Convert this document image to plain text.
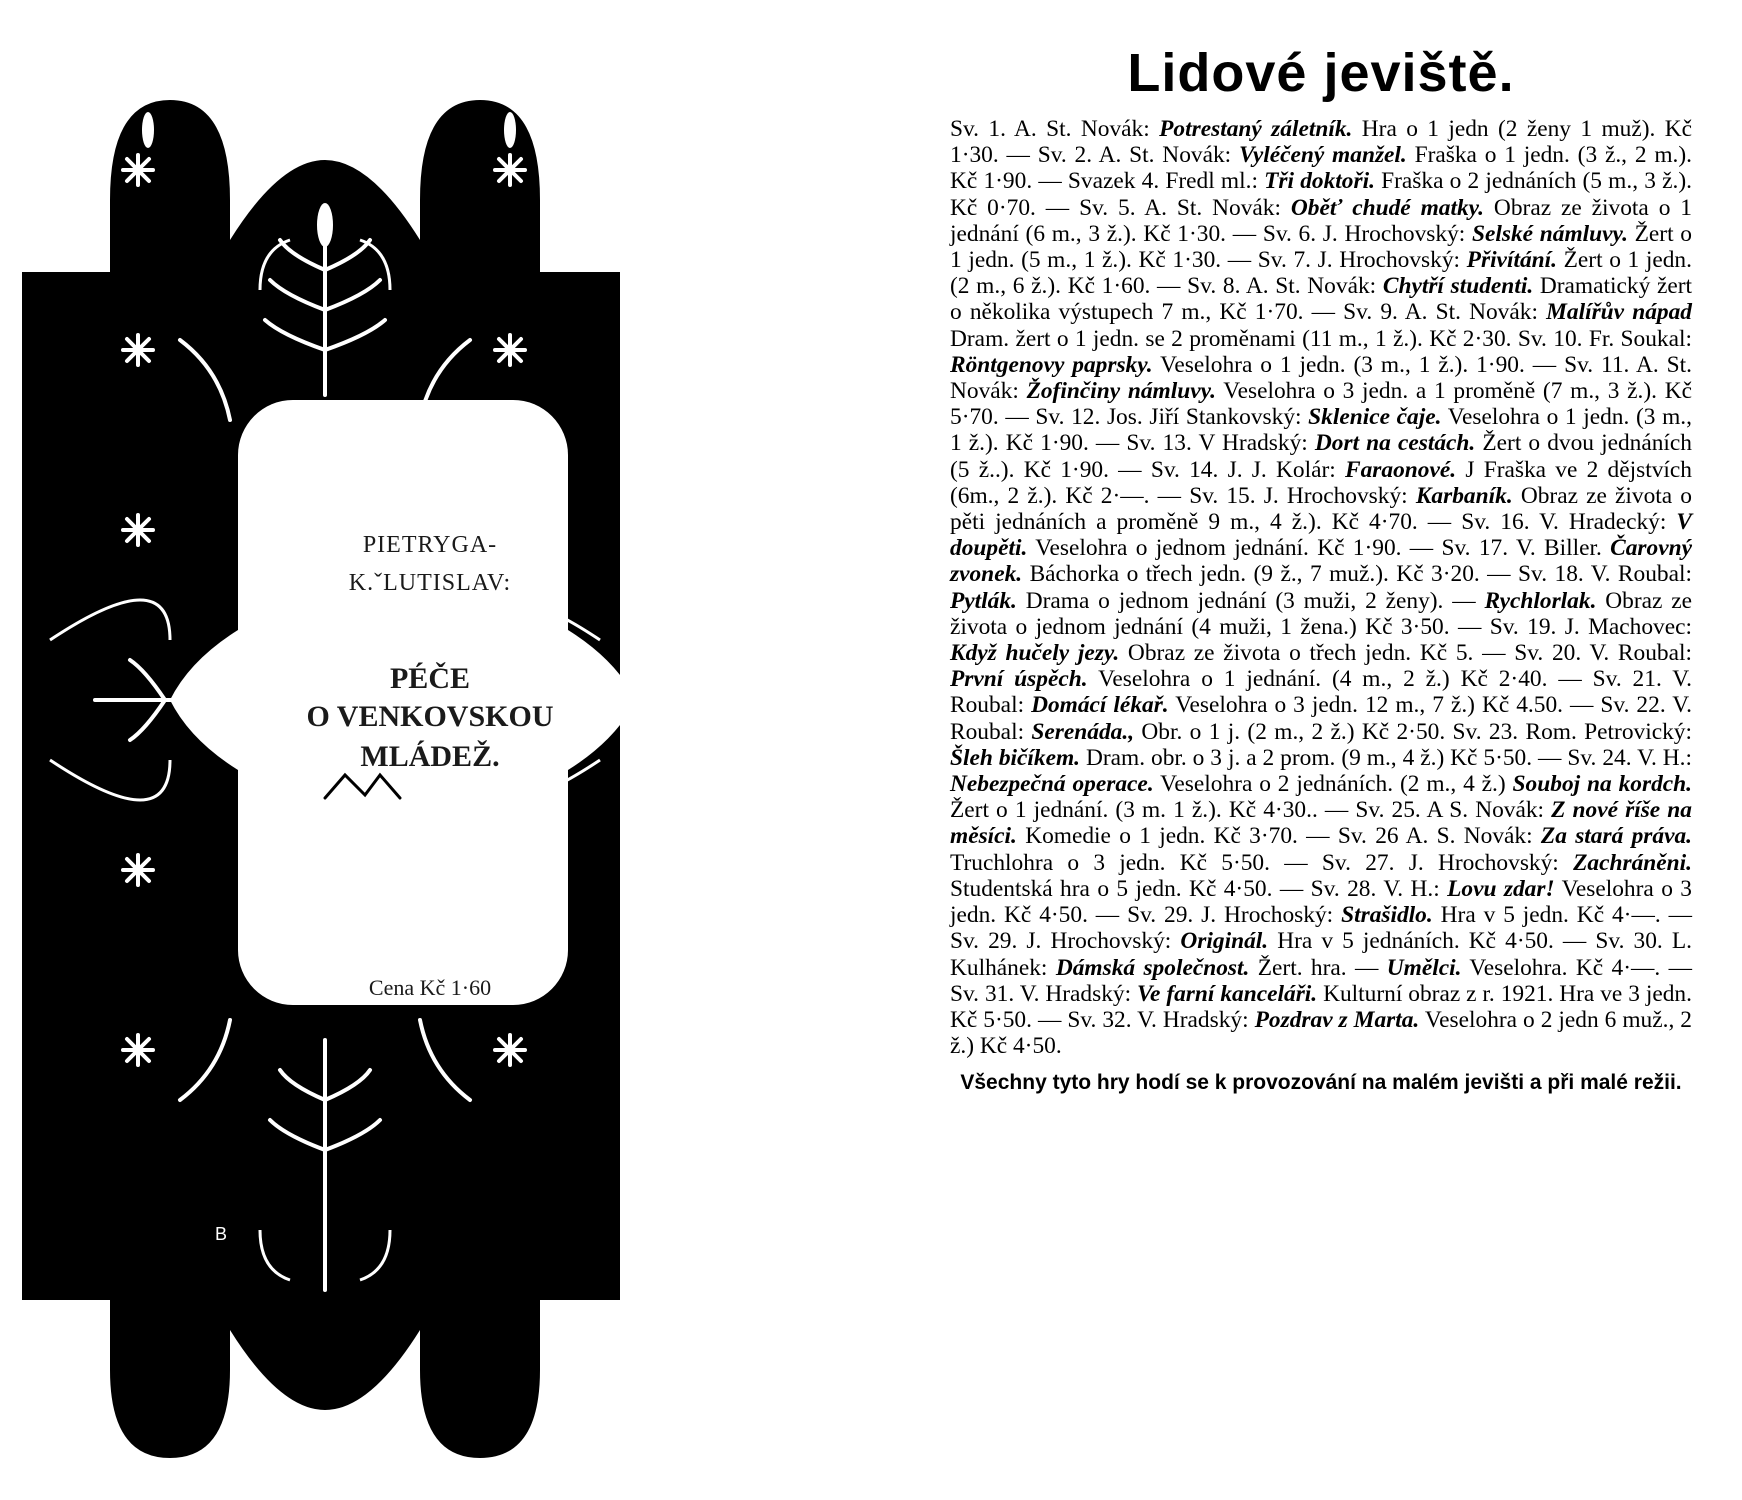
B
PIETRYGA-
K.ˇLUTISLAV:
PÉČE
O VENKOVSKOU
MLÁDEŽ.
Cena Kč 1·60
Lidové jeviště.
Sv. 1. A. St. Novák: Potrestaný záletník. Hra o 1 jedn (2 ženy 1 muž). Kč 1·30. — Sv. 2. A. St. Novák: Vyléčený manžel. Fraška o 1 jedn. (3 ž., 2 m.). Kč 1·90. — Svazek 4. Fredl ml.: Tři doktoři. Fraška o 2 jednáních (5 m., 3 ž.). Kč 0·70. — Sv. 5. A. St. Novák: Oběť chudé matky. Obraz ze života o 1 jednání (6 m., 3 ž.). Kč 1·30. — Sv. 6. J. Hrochovský: Selské námluvy. Žert o 1 jedn. (5 m., 1 ž.). Kč 1·30. — Sv. 7. J. Hrochovský: Přivítání. Žert o 1 jedn. (2 m., 6 ž.). Kč 1·60. — Sv. 8. A. St. Novák: Chytří studenti. Dramatický žert o několika výstupech 7 m., Kč 1·70. — Sv. 9. A. St. Novák: Malířův nápad Dram. žert o 1 jedn. se 2 proměnami (11 m., 1 ž.). Kč 2·30. Sv. 10. Fr. Soukal: Röntgenovy paprsky. Veselohra o 1 jedn. (3 m., 1 ž.). 1·90. — Sv. 11. A. St. Novák: Žofinčiny námluvy. Veselohra o 3 jedn. a 1 proměně (7 m., 3 ž.). Kč 5·70. — Sv. 12. Jos. Jiří Stankovský: Sklenice čaje. Veselohra o 1 jedn. (3 m., 1 ž.). Kč 1·90. — Sv. 13. V Hradský: Dort na cestách. Žert o dvou jednáních (5 ž..). Kč 1·90. — Sv. 14. J. J. Kolár: Faraonové. J Fraška ve 2 dějstvích (6m., 2 ž.). Kč 2·—. — Sv. 15. J. Hrochovský: Karbaník. Obraz ze života o pěti jednáních a proměně 9 m., 4 ž.). Kč 4·70. — Sv. 16. V. Hradecký: V doupěti. Veselohra o jednom jednání. Kč 1·90. — Sv. 17. V. Biller. Čarovný zvonek. Báchorka o třech jedn. (9 ž., 7 muž.). Kč 3·20. — Sv. 18. V. Roubal: Pytlák. Drama o jednom jednání (3 muži, 2 ženy). — Rychlorlak. Obraz ze života o jednom jednání (4 muži, 1 žena.) Kč 3·50. — Sv. 19. J. Machovec: Když hučely jezy. Obraz ze života o třech jedn. Kč 5. — Sv. 20. V. Roubal: První úspěch. Veselohra o 1 jednání. (4 m., 2 ž.) Kč 2·40. — Sv. 21. V. Roubal: Domácí lékař. Veselohra o 3 jedn. 12 m., 7 ž.) Kč 4.50. — Sv. 22. V. Roubal: Serenáda., Obr. o 1 j. (2 m., 2 ž.) Kč 2·50. Sv. 23. Rom. Petrovický: Šleh bičíkem. Dram. obr. o 3 j. a 2 prom. (9 m., 4 ž.) Kč 5·50. — Sv. 24. V. H.: Nebezpečná operace. Veselohra o 2 jednáních. (2 m., 4 ž.) Souboj na kordch. Žert o 1 jednání. (3 m. 1 ž.). Kč 4·30.. — Sv. 25. A S. Novák: Z nové říše na měsíci. Komedie o 1 jedn. Kč 3·70. — Sv. 26 A. S. Novák: Za stará práva. Truchlohra o 3 jedn. Kč 5·50. — Sv. 27. J. Hrochovský: Zachráněni. Studentská hra o 5 jedn. Kč 4·50. — Sv. 28. V. H.: Lovu zdar! Veselohra o 3 jedn. Kč 4·50. — Sv. 29. J. Hrochoský: Strašidlo. Hra v 5 jedn. Kč 4·—. — Sv. 29. J. Hrochovský: Originál. Hra v 5 jednáních. Kč 4·50. — Sv. 30. L. Kulhánek: Dámská společnost. Žert. hra. — Umělci. Veselohra. Kč 4·—. — Sv. 31. V. Hradský: Ve farní kanceláři. Kulturní obraz z r. 1921. Hra ve 3 jedn. Kč 5·50. — Sv. 32. V. Hradský: Pozdrav z Marta. Veselohra o 2 jedn 6 muž., 2 ž.) Kč 4·50.
Všechny tyto hry hodí se k provozování na malém jevišti a při malé režii.
